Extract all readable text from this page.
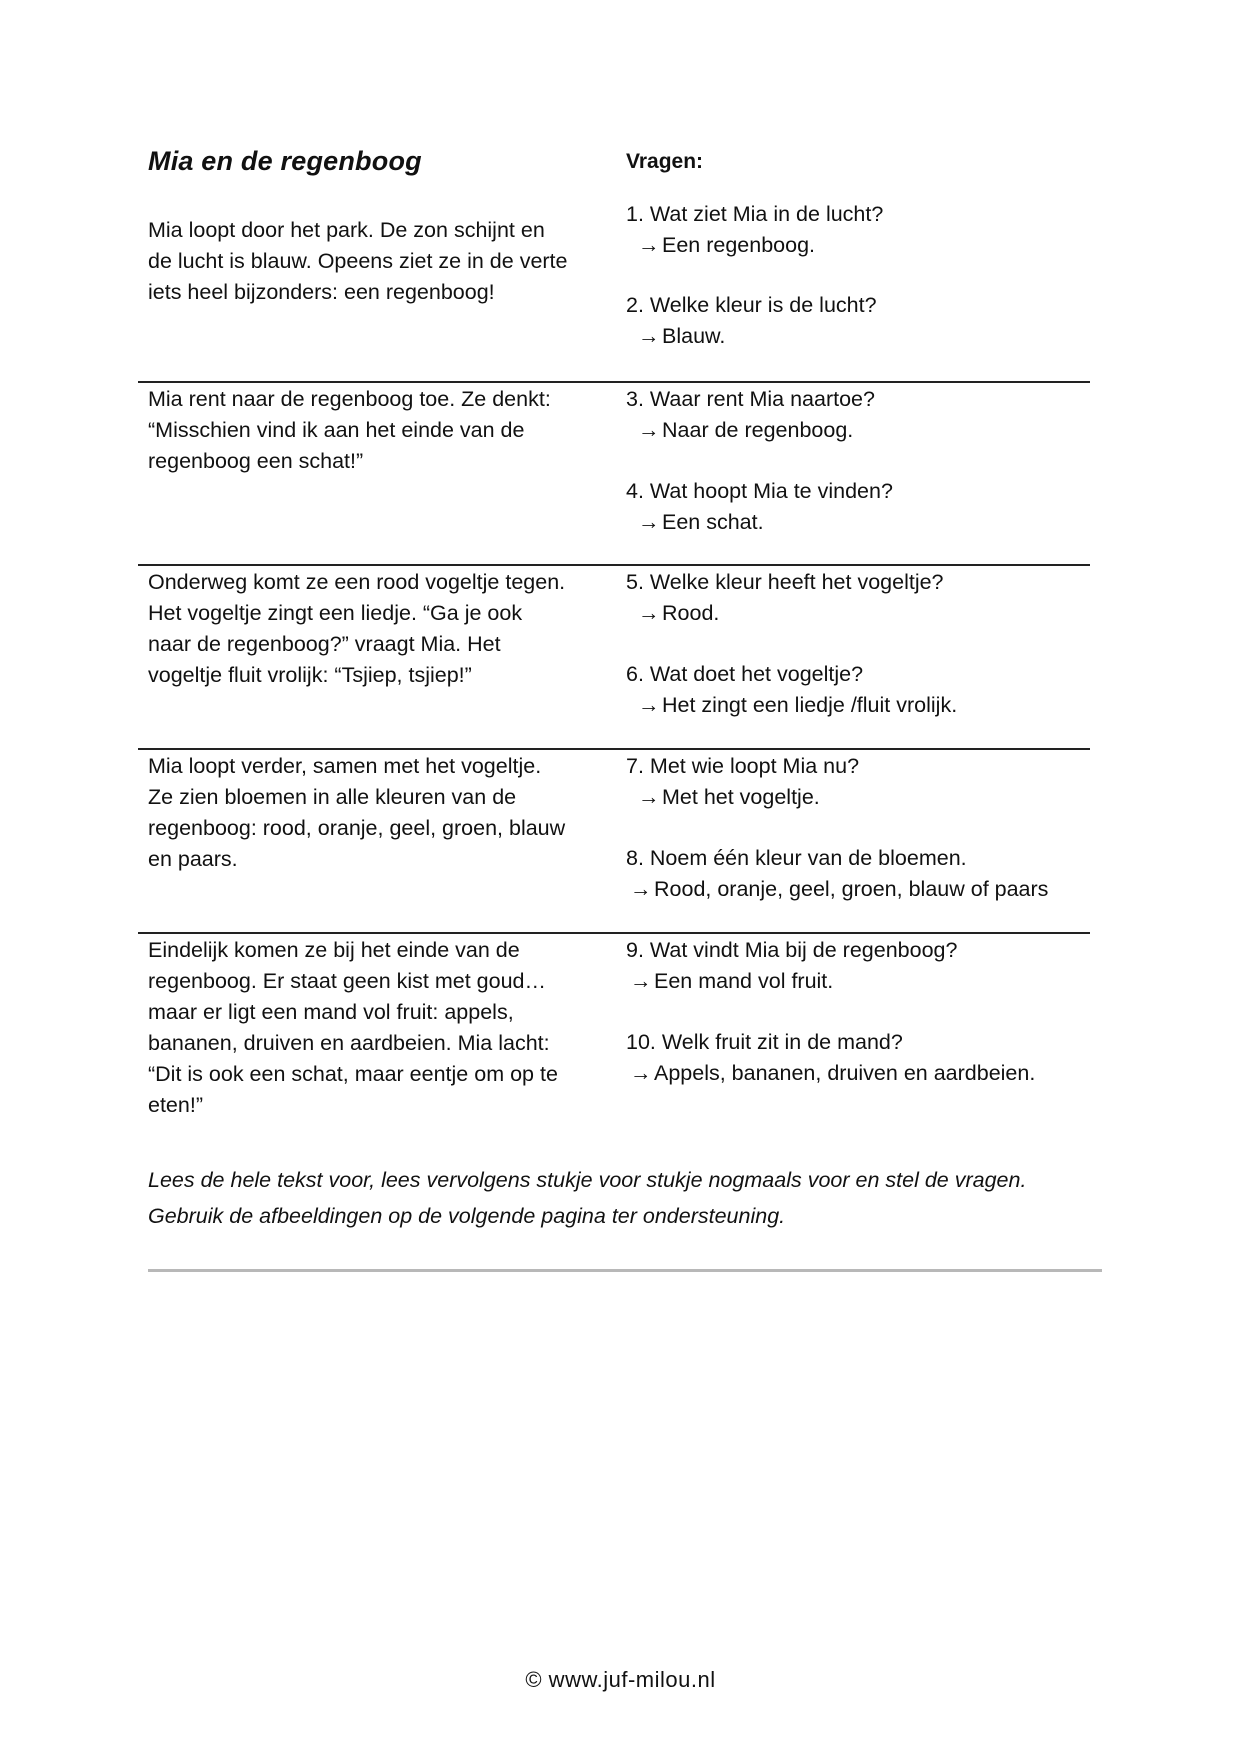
Mia en de regenboog	Vragen:
Mia loopt door het park. De zon schijnt en
de lucht is blauw. Opeens ziet ze in de verte
iets heel bijzonders: een regenboog!
1. Wat ziet Mia in de lucht?
→ Een regenboog.
2. Welke kleur is de lucht?
→ Blauw.
Mia rent naar de regenboog toe. Ze denkt:
“Misschien vind ik aan het einde van de
regenboog een schat!”
3. Waar rent Mia naartoe?
→ Naar de regenboog.
4. Wat hoopt Mia te vinden?
→ Een schat.
Onderweg komt ze een rood vogeltje tegen.
Het vogeltje zingt een liedje. “Ga je ook
naar de regenboog?” vraagt Mia. Het
vogeltje fluit vrolijk: “Tsjiep, tsjiep!”
5. Welke kleur heeft het vogeltje?
→ Rood.
6. Wat doet het vogeltje?
→ Het zingt een liedje /fluit vrolijk.
Mia loopt verder, samen met het vogeltje.
Ze zien bloemen in alle kleuren van de
regenboog: rood, oranje, geel, groen, blauw
en paars.
7. Met wie loopt Mia nu?
→ Met het vogeltje.
8. Noem één kleur van de bloemen.
→ Rood, oranje, geel, groen, blauw of paars
Eindelijk komen ze bij het einde van de
regenboog. Er staat geen kist met goud…
maar er ligt een mand vol fruit: appels,
bananen, druiven en aardbeien. Mia lacht:
“Dit is ook een schat, maar eentje om op te
eten!”
9. Wat vindt Mia bij de regenboog?
→ Een mand vol fruit.
10. Welk fruit zit in de mand?
→ Appels, bananen, druiven en aardbeien.
Lees de hele tekst voor, lees vervolgens stukje voor stukje nogmaals voor en stel de vragen.
Gebruik de afbeeldingen op de volgende pagina ter ondersteuning.
© www.juf-milou.nl
